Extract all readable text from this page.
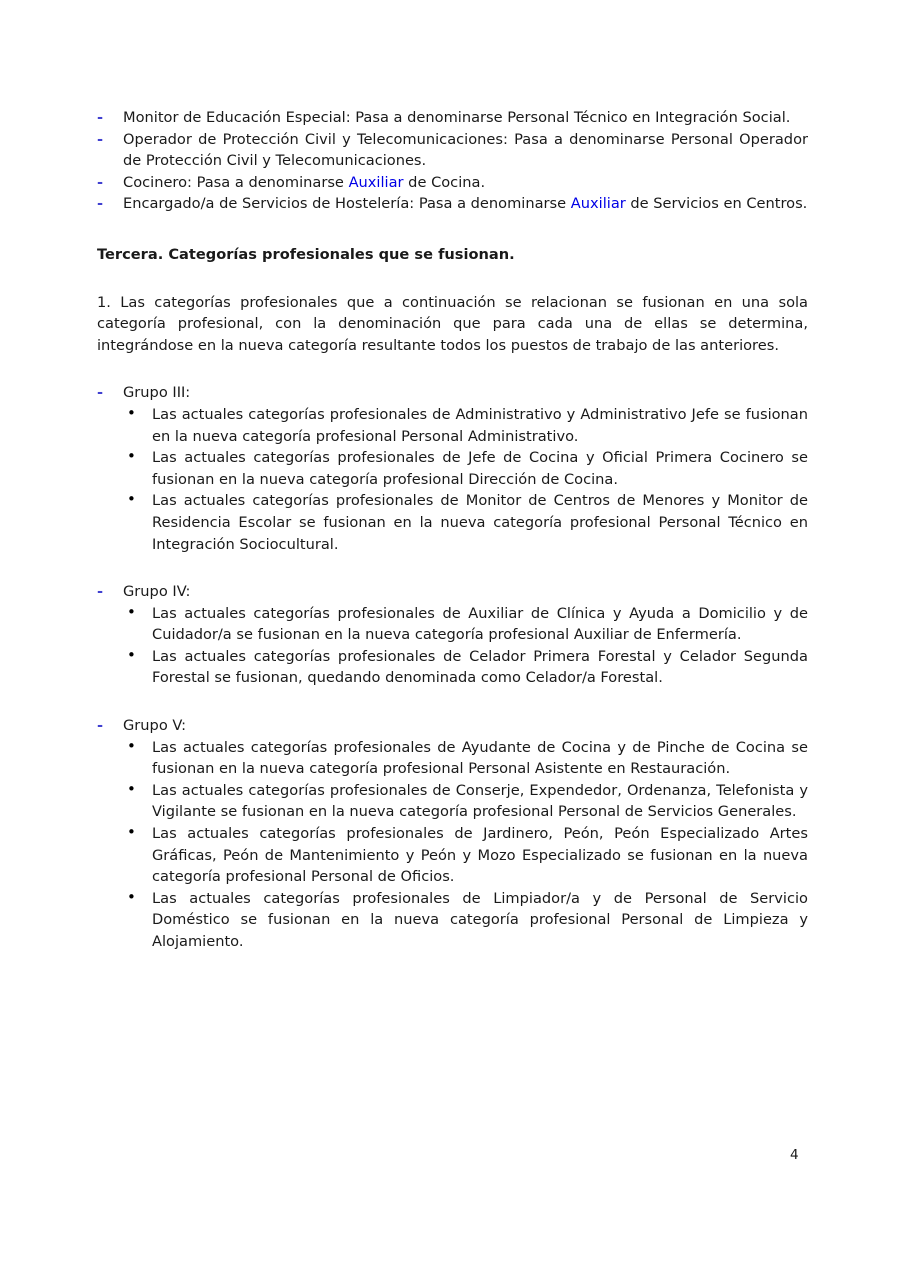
- Monitor de Educación Especial: Pasa a denominarse Personal Técnico en Integración Social.
- Operador de Protección Civil y Telecomunicaciones: Pasa a denominarse Personal Operador de Protección Civil y Telecomunicaciones.
- Cocinero: Pasa a denominarse Auxiliar de Cocina.
- Encargado/a de Servicios de Hostelería: Pasa a denominarse Auxiliar de Servicios en Centros.
Tercera. Categorías profesionales que se fusionan.

1. Las categorías profesionales que a continuación se relacionan se fusionan en una sola categoría profesional, con la denominación que para cada una de ellas se determina, integrándose en la nueva categoría resultante todos los puestos de trabajo de las anteriores.

- Grupo III:
• Las actuales categorías profesionales de Administrativo y Administrativo Jefe se fusionan en la nueva categoría profesional Personal Administrativo.
• Las actuales categorías profesionales de Jefe de Cocina y Oficial Primera Cocinero se fusionan en la nueva categoría profesional Dirección de Cocina.
• Las actuales categorías profesionales de Monitor de Centros de Menores y Monitor de Residencia Escolar se fusionan en la nueva categoría profesional Personal Técnico en Integración Sociocultural.
- Grupo IV:
• Las actuales categorías profesionales de Auxiliar de Clínica y Ayuda a Domicilio y de Cuidador/a se fusionan en la nueva categoría profesional Auxiliar de Enfermería.
• Las actuales categorías profesionales de Celador Primera Forestal y Celador Segunda Forestal se fusionan, quedando denominada como Celador/a Forestal.
- Grupo V:
• Las actuales categorías profesionales de Ayudante de Cocina y de Pinche de Cocina se fusionan en la nueva categoría profesional Personal Asistente en Restauración.
• Las actuales categorías profesionales de Conserje, Expendedor, Ordenanza, Telefonista y Vigilante se fusionan en la nueva categoría profesional Personal de Servicios Generales.
• Las actuales categorías profesionales de Jardinero, Peón, Peón Especializado Artes Gráficas, Peón de Mantenimiento y Peón y Mozo Especializado se fusionan en la nueva categoría profesional Personal de Oficios.
• Las actuales categorías profesionales de Limpiador/a y de Personal de Servicio Doméstico se fusionan en la nueva categoría profesional Personal de Limpieza y Alojamiento.
4
